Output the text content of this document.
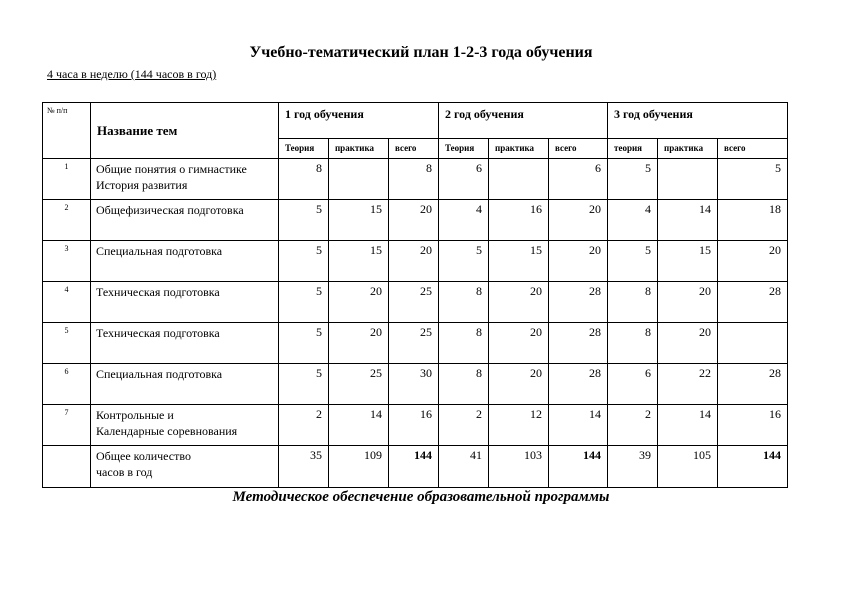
Учебно-тематический план 1-2-3 года обучения
4 часа в неделю (144 часов в год)
№ п/п	Название тем	1 год обучения			2 год обучения			3 год обучения		
		Теория	практика	всего	Теория	практика	всего	теория	практика	всего
1	Общие понятия о гимнастике
История развития	8		8	6		6	5		5
2	Общефизическая подготовка	5	15	20	4	16	20	4	14	18
3	Специальная подготовка	5	15	20	5	15	20	5	15	20
4	Техническая подготовка	5	20	25	8	20	28	8	20	28
5	Техническая подготовка	5	20	25	8	20	28	8	20	
6	Специальная подготовка	5	25	30	8	20	28	6	22	28
7	Контрольные и
Календарные соревнования	2	14	16	2	12	14	2	14	16

	Общее количество
часов в год	35	109	144	41	103	144	39	105	144
Методическое обеспечение образовательной программы
